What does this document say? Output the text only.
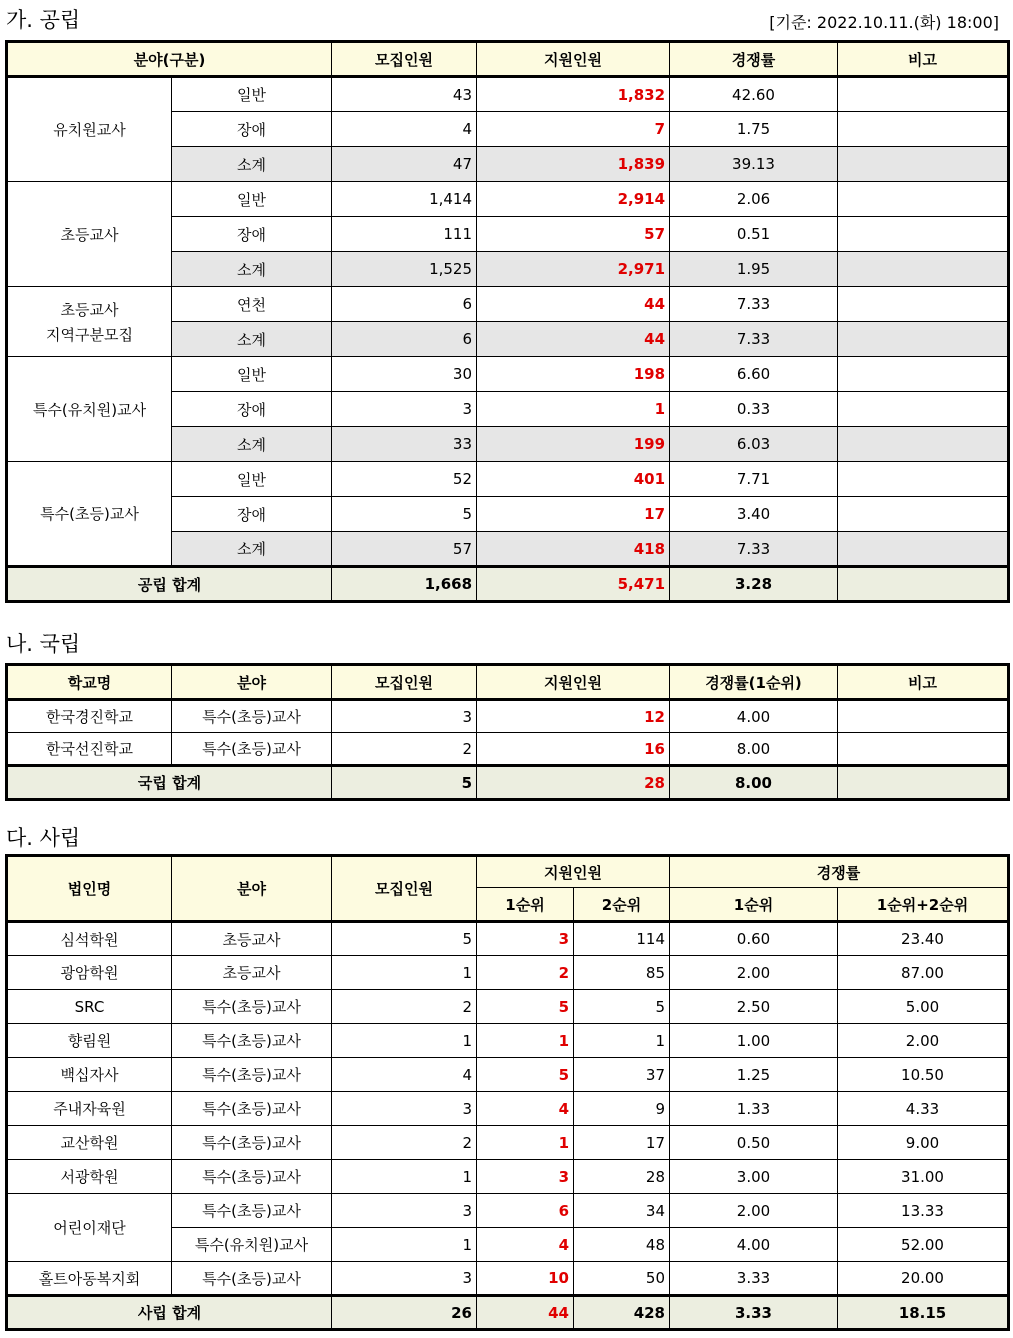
가. 공립	[기준: 2022.10.11.(화) 18:00]
분야(구분)		모집인원	지원인원	경쟁률	비고
유치원교사	일반	43	1,832	42.60	
	장애	4	7	1.75	
	소계	47	1,839	39.13	
초등교사	일반	1,414	2,914	2.06	
	장애	111	57	0.51	
	소계	1,525	2,971	1.95	

초등교사
지역구분모집	연천	6	44	7.33	
	소계	6	44	7.33	
특수(유치원)교사	일반	30	198	6.60	
	장애	3	1	0.33	
	소계	33	199	6.03	
특수(초등)교사	일반	52	401	7.71	
	장애	5	17	3.40	
	소계	57	418	7.33	
공립 합계		1,668	5,471	3.28	
나. 국립
학교명	분야	모집인원	지원인원	경쟁률(1순위)	비고
한국경진학교	특수(초등)교사	3	12	4.00	
한국선진학교	특수(초등)교사	2	16	8.00	
국립 합계		5	28	8.00	
다. 사립
법인명	분야	모집인원	지원인원		경쟁률	
			1순위	2순위	1순위	1순위+2순위
심석학원	초등교사	5	3	114	0.60	23.40
광암학원	초등교사	1	2	85	2.00	87.00
SRC	특수(초등)교사	2	5	5	2.50	5.00
향림원	특수(초등)교사	1	1	1	1.00	2.00
백십자사	특수(초등)교사	4	5	37	1.25	10.50
주내자육원	특수(초등)교사	3	4	9	1.33	4.33
교산학원	특수(초등)교사	2	1	17	0.50	9.00
서광학원	특수(초등)교사	1	3	28	3.00	31.00
어린이재단	특수(초등)교사	3	6	34	2.00	13.33
	특수(유치원)교사	1	4	48	4.00	52.00
홀트아동복지회	특수(초등)교사	3	10	50	3.33	20.00
사립 합계		26	44	428	3.33	18.15
